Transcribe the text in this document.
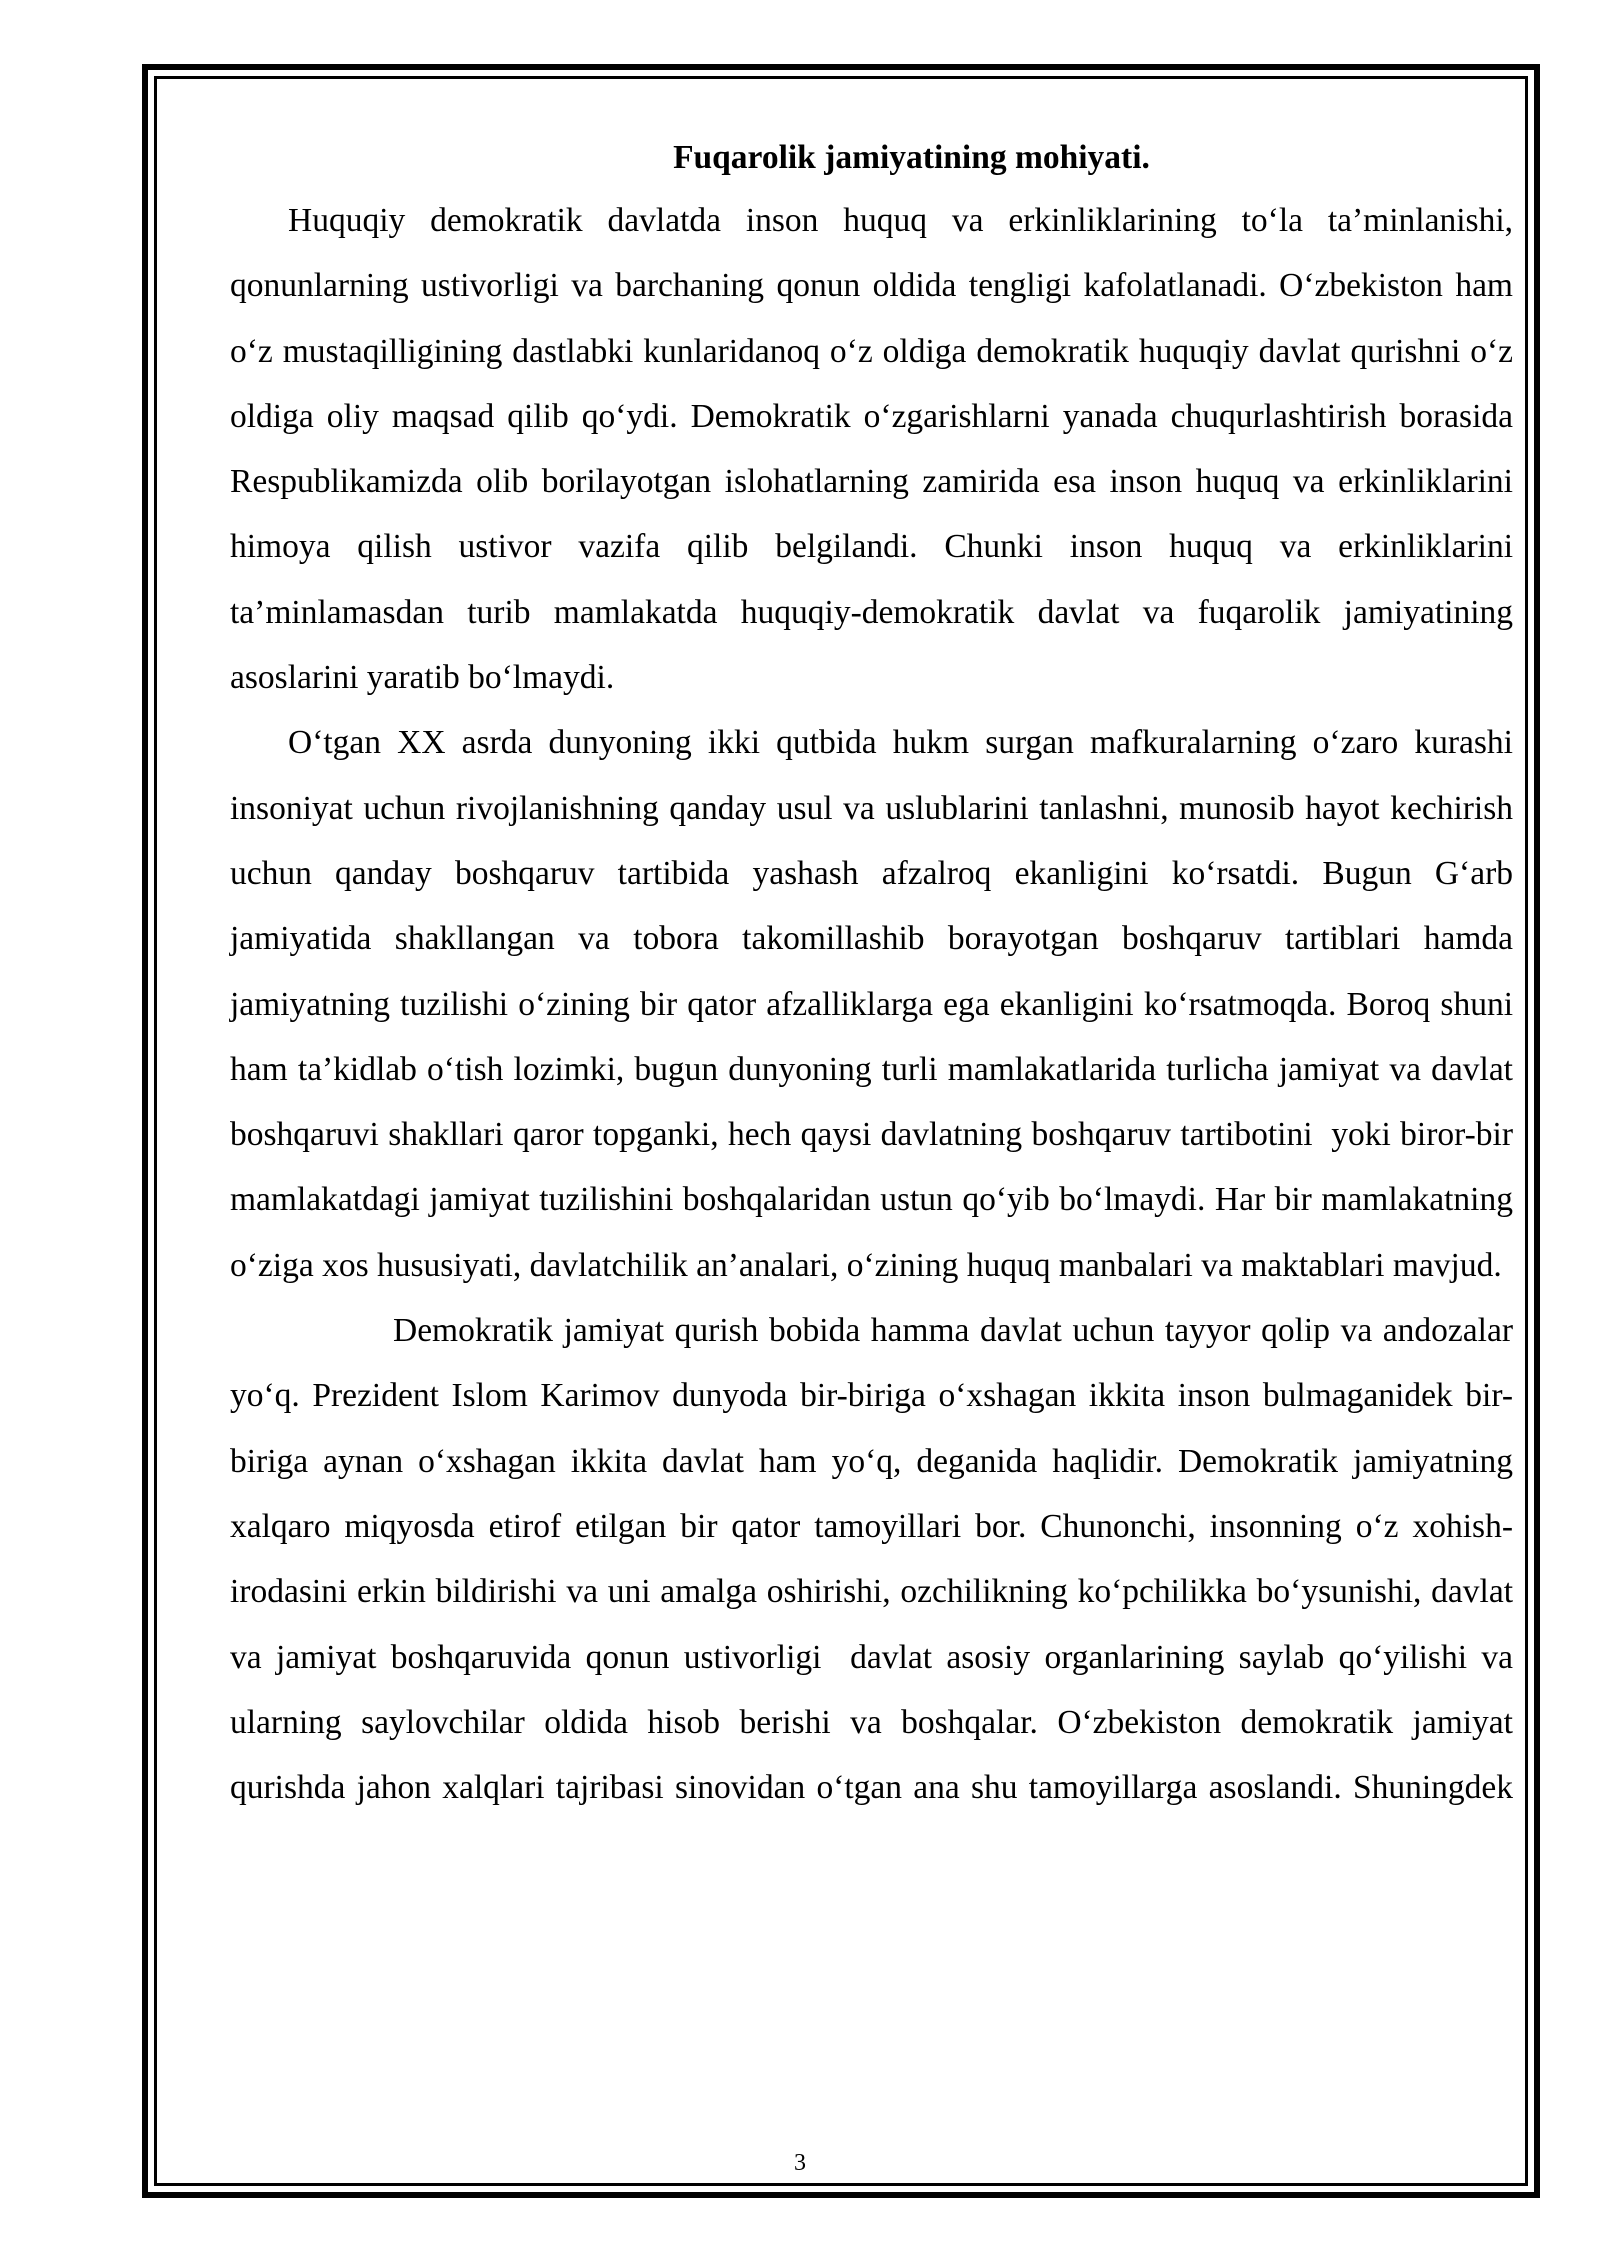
Fuqarolik jamiyatining mohiyati.

Huquqiy demokratik davlatda inson huquq va erkinliklarining to‘la ta’minlanishi, qonunlarning ustivorligi va barchaning qonun oldida tengligi kafolatlanadi. O‘zbekiston ham o‘z mustaqilligining dastlabki kunlaridanoq o‘z oldiga demokratik huquqiy davlat qurishni o‘z oldiga oliy maqsad qilib qo‘ydi. Demokratik o‘zgarishlarni yanada chuqurlashtirish borasida Respublikamizda olib borilayotgan islohatlarning zamirida esa inson huquq va erkinliklarini himoya qilish ustivor vazifa qilib belgilandi. Chunki inson huquq va erkinliklarini ta’minlamasdan turib mamlakatda huquqiy-demokratik davlat va fuqarolik jamiyatining asoslarini yaratib bo‘lmaydi.

O‘tgan XX asrda dunyoning ikki qutbida hukm surgan mafkuralarning o‘zaro kurashi insoniyat uchun rivojlanishning qanday usul va uslublarini tanlashni, munosib hayot kechirish uchun qanday boshqaruv tartibida yashash afzalroq ekanligini ko‘rsatdi. Bugun G‘arb jamiyatida shakllangan va tobora takomillashib borayotgan boshqaruv tartiblari hamda jamiyatning tuzilishi o‘zining bir qator afzalliklarga ega ekanligini ko‘rsatmoqda. Boroq shuni ham ta’kidlab o‘tish lozimki, bugun dunyoning turli mamlakatlarida turlicha jamiyat va davlat boshqaruvi shakllari qaror topganki, hech qaysi davlatning boshqaruv tartibotini  yoki biror-bir mamlakatdagi jamiyat tuzilishini boshqalaridan ustun qo‘yib bo‘lmaydi. Har bir mamlakatning o‘ziga xos hususiyati, davlatchilik an’analari, o‘zining huquq manbalari va maktablari mavjud.

Demokratik jamiyat qurish bobida hamma davlat uchun tayyor qolip va andozalar yo‘q. Prezident Islom Karimov dunyoda bir-biriga o‘xshagan ikkita inson bulmaganidek bir-biriga aynan o‘xshagan ikkita davlat ham yo‘q, deganida haqlidir. Demokratik jamiyatning xalqaro miqyosda etirof etilgan bir qator tamoyillari bor. Chunonchi, insonning o‘z xohish-irodasini erkin bildirishi va uni amalga oshirishi, ozchilikning ko‘pchilikka bo‘ysunishi, davlat va jamiyat boshqaruvida qonun ustivorligi  davlat asosiy organlarining saylab qo‘yilishi va ularning saylovchilar oldida hisob berishi va boshqalar. O‘zbekiston demokratik jamiyat qurishda jahon xalqlari tajribasi sinovidan o‘tgan ana shu tamoyillarga asoslandi. Shuningdek

3
